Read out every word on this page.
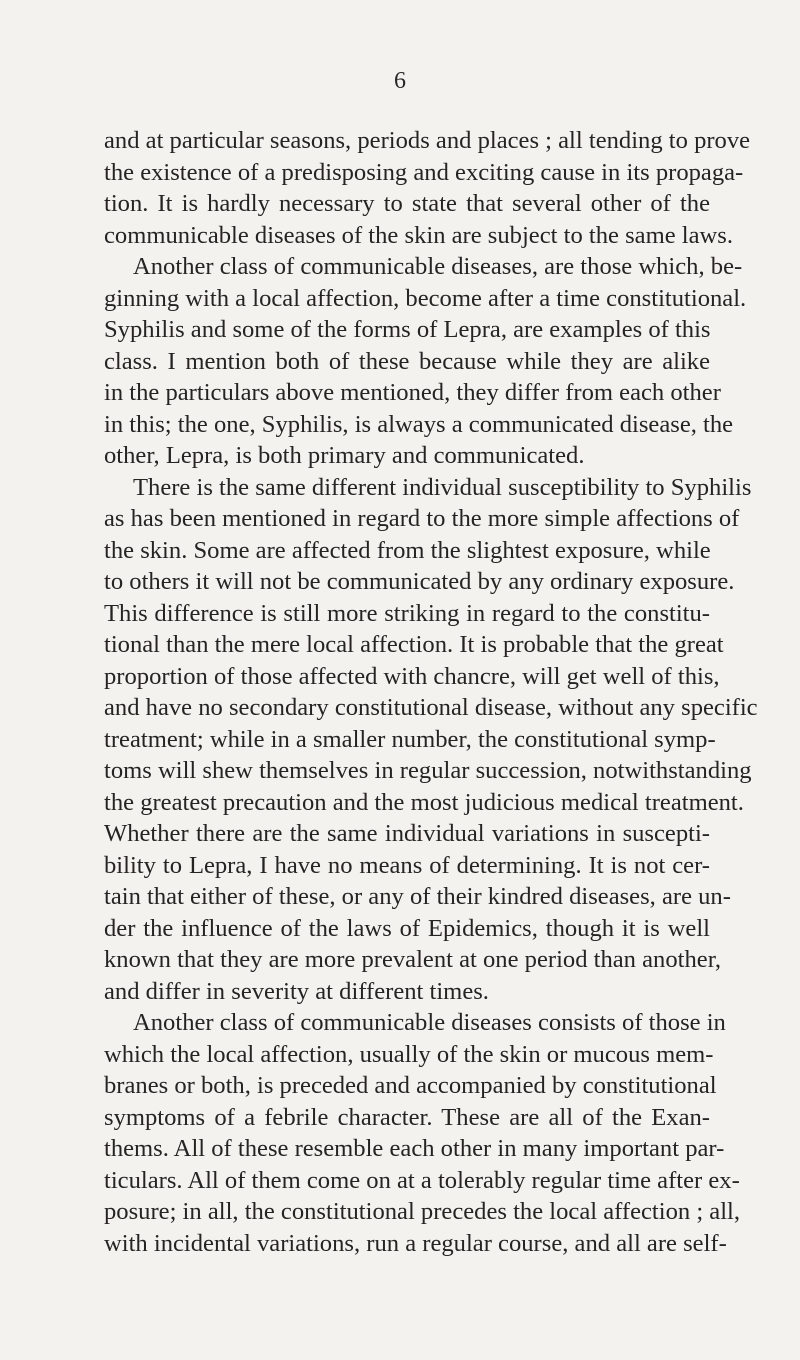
6
and at particular seasons, periods and places ; all tending to prove
the existence of a predisposing and exciting cause in its propaga-
tion. It is hardly necessary to state that several other of the
communicable diseases of the skin are subject to the same laws.
Another class of communicable diseases, are those which, be-
ginning with a local affection, become after a time constitutional.
Syphilis and some of the forms of Lepra, are examples of this
class. I mention both of these because while they are alike
in the particulars above mentioned, they differ from each other
in this; the one, Syphilis, is always a communicated disease, the
other, Lepra, is both primary and communicated.
There is the same different individual susceptibility to Syphilis
as has been mentioned in regard to the more simple affections of
the skin. Some are affected from the slightest exposure, while
to others it will not be communicated by any ordinary exposure.
This difference is still more striking in regard to the constitu-
tional than the mere local affection. It is probable that the great
proportion of those affected with chancre, will get well of this,
and have no secondary constitutional disease, without any specific
treatment; while in a smaller number, the constitutional symp-
toms will shew themselves in regular succession, notwithstanding
the greatest precaution and the most judicious medical treatment.
Whether there are the same individual variations in suscepti-
bility to Lepra, I have no means of determining. It is not cer-
tain that either of these, or any of their kindred diseases, are un-
der the influence of the laws of Epidemics, though it is well
known that they are more prevalent at one period than another,
and differ in severity at different times.
Another class of communicable diseases consists of those in
which the local affection, usually of the skin or mucous mem-
branes or both, is preceded and accompanied by constitutional
symptoms of a febrile character. These are all of the Exan-
thems. All of these resemble each other in many important par-
ticulars. All of them come on at a tolerably regular time after ex-
posure; in all, the constitutional precedes the local affection ; all,
with incidental variations, run a regular course, and all are self-
